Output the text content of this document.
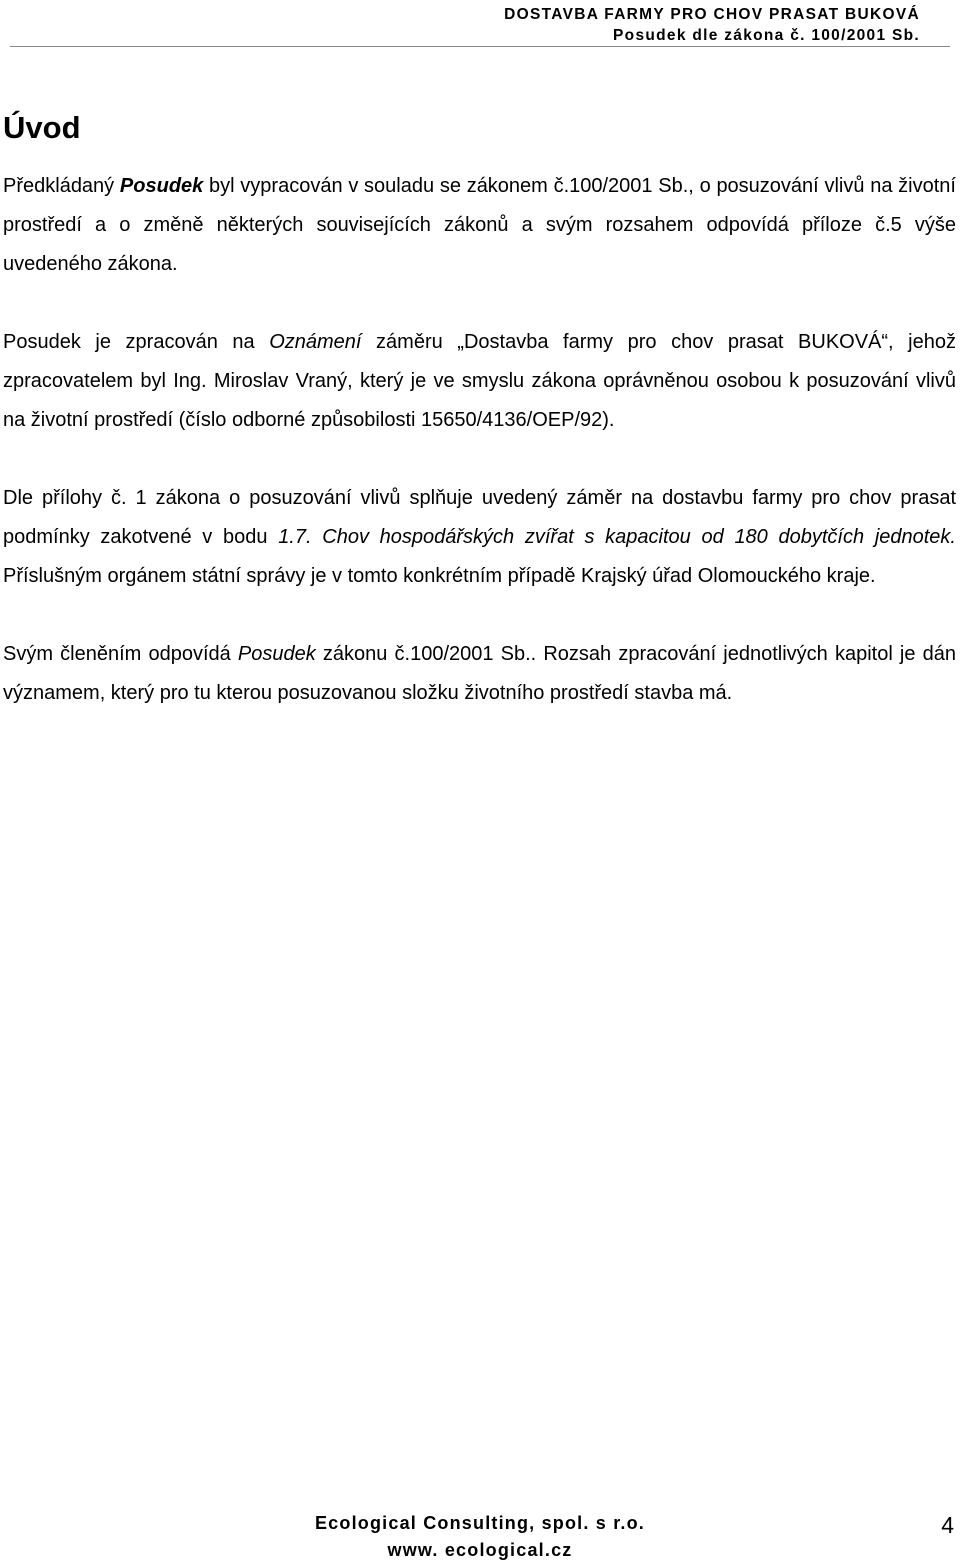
DOSTAVBA FARMY PRO CHOV PRASAT BUKOVÁ
Posudek dle zákona č. 100/2001 Sb.
Úvod

Předkládaný Posudek byl vypracován v souladu se zákonem č.100/2001 Sb., o posuzování vlivů na životní prostředí a o změně některých souvisejících zákonů a svým rozsahem odpovídá příloze č.5 výše uvedeného zákona.

Posudek je zpracován na Oznámení záměru „Dostavba farmy pro chov prasat BUKOVÁ“, jehož zpracovatelem byl Ing. Miroslav Vraný, který je ve smyslu zákona oprávněnou osobou k posuzování vlivů na životní prostředí (číslo odborné způsobilosti 15650/4136/OEP/92).

Dle přílohy č. 1 zákona o posuzování vlivů splňuje uvedený záměr na dostavbu farmy pro chov prasat podmínky zakotvené v bodu 1.7. Chov hospodářských zvířat s kapacitou od 180 dobytčích jednotek. Příslušným orgánem státní správy je v tomto konkrétním případě Krajský úřad Olomouckého kraje.

Svým členěním odpovídá Posudek zákonu č.100/2001 Sb.. Rozsah zpracování jednotlivých kapitol je dán významem, který pro tu kterou posuzovanou složku životního prostředí stavba má.

Ecological Consulting, spol. s r.o.
www. ecological.cz
4
